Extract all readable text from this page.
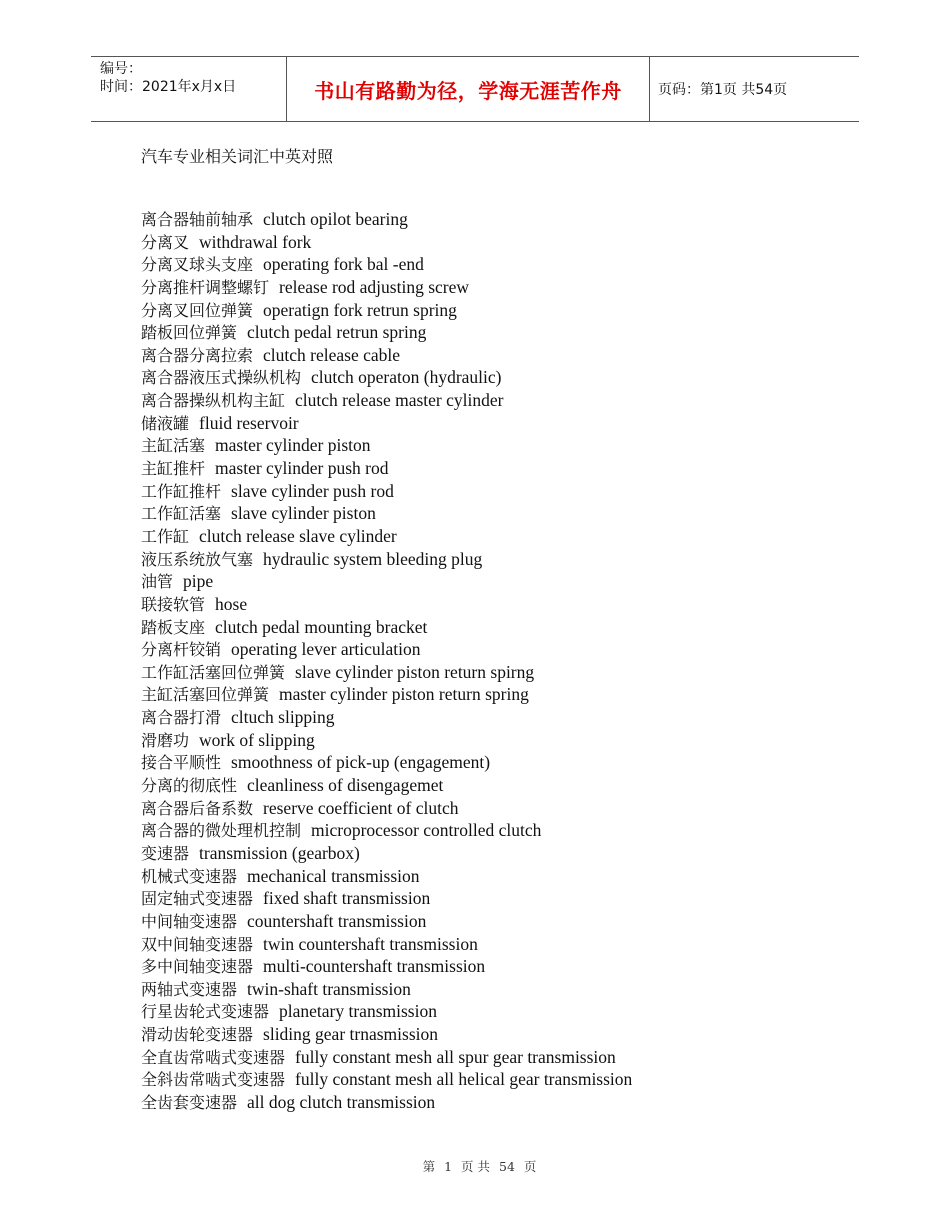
编号：
时间：2021年x月x日	书山有路勤为径，学海无涯苦作舟	页码：第1页 共54页
汽车专业相关词汇中英对照
离合器轴前轴承 clutch opilot bearing
分离叉 withdrawal fork
分离叉球头支座 operating fork bal -end
分离推杆调整螺钉 release rod adjusting screw
分离叉回位弹簧 operatign fork retrun spring
踏板回位弹簧 clutch pedal retrun spring
离合器分离拉索 clutch release cable
离合器液压式操纵机构 clutch operaton (hydraulic)
离合器操纵机构主缸 clutch release master cylinder
储液罐 fluid reservoir
主缸活塞 master cylinder piston
主缸推杆 master cylinder push rod
工作缸推杆 slave cylinder push rod
工作缸活塞 slave cylinder piston
工作缸 clutch release slave cylinder
液压系统放气塞 hydraulic system bleeding plug
油管 pipe
联接软管 hose
踏板支座 clutch pedal mounting bracket
分离杆铰销 operating lever articulation
工作缸活塞回位弹簧 slave cylinder piston return spirng
主缸活塞回位弹簧 master cylinder piston return spring
离合器打滑 cltuch slipping
滑磨功 work of slipping
接合平顺性 smoothness of pick-up (engagement)
分离的彻底性 cleanliness of disengagemet
离合器后备系数 reserve coefficient of clutch
离合器的微处理机控制 microprocessor controlled clutch
变速器 transmission (gearbox)
机械式变速器 mechanical transmission
固定轴式变速器 fixed shaft transmission
中间轴变速器 countershaft transmission
双中间轴变速器 twin countershaft transmission
多中间轴变速器 multi-countershaft transmission
两轴式变速器 twin-shaft transmission
行星齿轮式变速器 planetary transmission
滑动齿轮变速器 sliding gear trnasmission
全直齿常啮式变速器 fully constant mesh all spur gear transmission
全斜齿常啮式变速器 fully constant mesh all helical gear transmission
全齿套变速器 all dog clutch transmission
第 1 页 共 54 页
